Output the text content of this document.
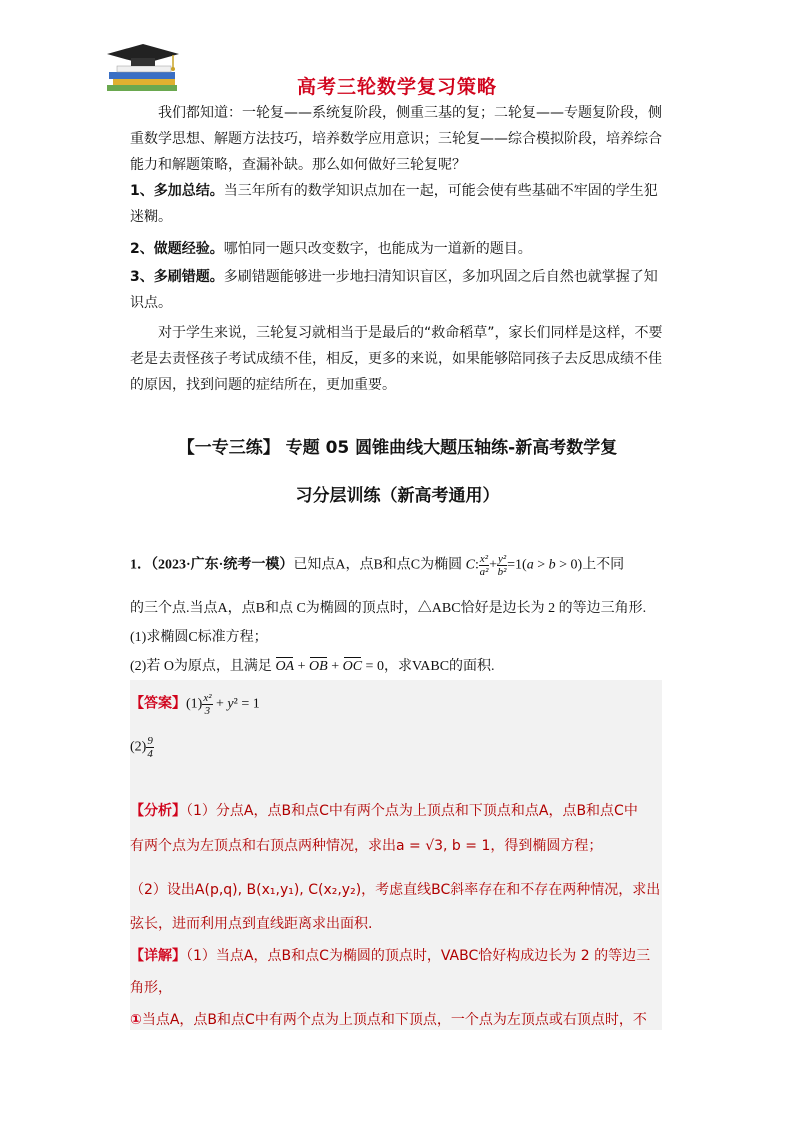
高考三轮数学复习策略

我们都知道：一轮复——系统复阶段，侧重三基的复；二轮复——专题复阶段，侧重数学思想、解题方法技巧，培养数学应用意识；三轮复——综合模拟阶段，培养综合能力和解题策略，查漏补缺。那么如何做好三轮复呢？

1、多加总结。当三年所有的数学知识点加在一起，可能会使有些基础不牢固的学生犯迷糊。

2、做题经验。哪怕同一题只改变数字，也能成为一道新的题目。

3、多刷错题。多刷错题能够进一步地扫清知识盲区，多加巩固之后自然也就掌握了知识点。

对于学生来说，三轮复习就相当于是最后的“救命稻草”，家长们同样是这样，不要老是去责怪孩子考试成绩不佳，相反，更多的来说，如果能够陪同孩子去反思成绩不佳的原因，找到问题的症结所在，更加重要。

【一专三练】 专题 05 圆锥曲线大题压轴练-新高考数学复
习分层训练（新高考通用）
1．（2023·广东·统考一模）已知点A，点B和点C为椭圆 C: $\frac{\text{x²}}{\text{a²}} + \frac{\text{y²}}{\text{b²}} =1(a > b > 0)$上不同
的三个点.当点A，点B和点 C为椭圆的顶点时，△ABC恰好是边长为 2 的等边三角形.
(1)求椭圆C标准方程；
(2)若 O为原点，且满足 OA + OB + OC = 0，求VABC的面积.
【答案】$(1) \frac{\text{x²}}{3} + y^2 = 1$
$(2) \frac{9}{4}$
【分析】（1）分点A，点B和点C中有两个点为上顶点和下顶点和点A，点B和点C中
有两个点为左顶点和右顶点两种情况，求出a = √3, b = 1，得到椭圆方程；
（2）设出A(p,q), B(x₁,y₁), C(x₂,y₂)，考虑直线BC斜率存在和不存在两种情况，求出
弦长，进而利用点到直线距离求出面积.
【详解】（1）当点A，点B和点C为椭圆的顶点时，VABC恰好构成边长为 2 的等边三
角形，
①当点A，点B和点C中有两个点为上顶点和下顶点，一个点为左顶点或右顶点时，不
